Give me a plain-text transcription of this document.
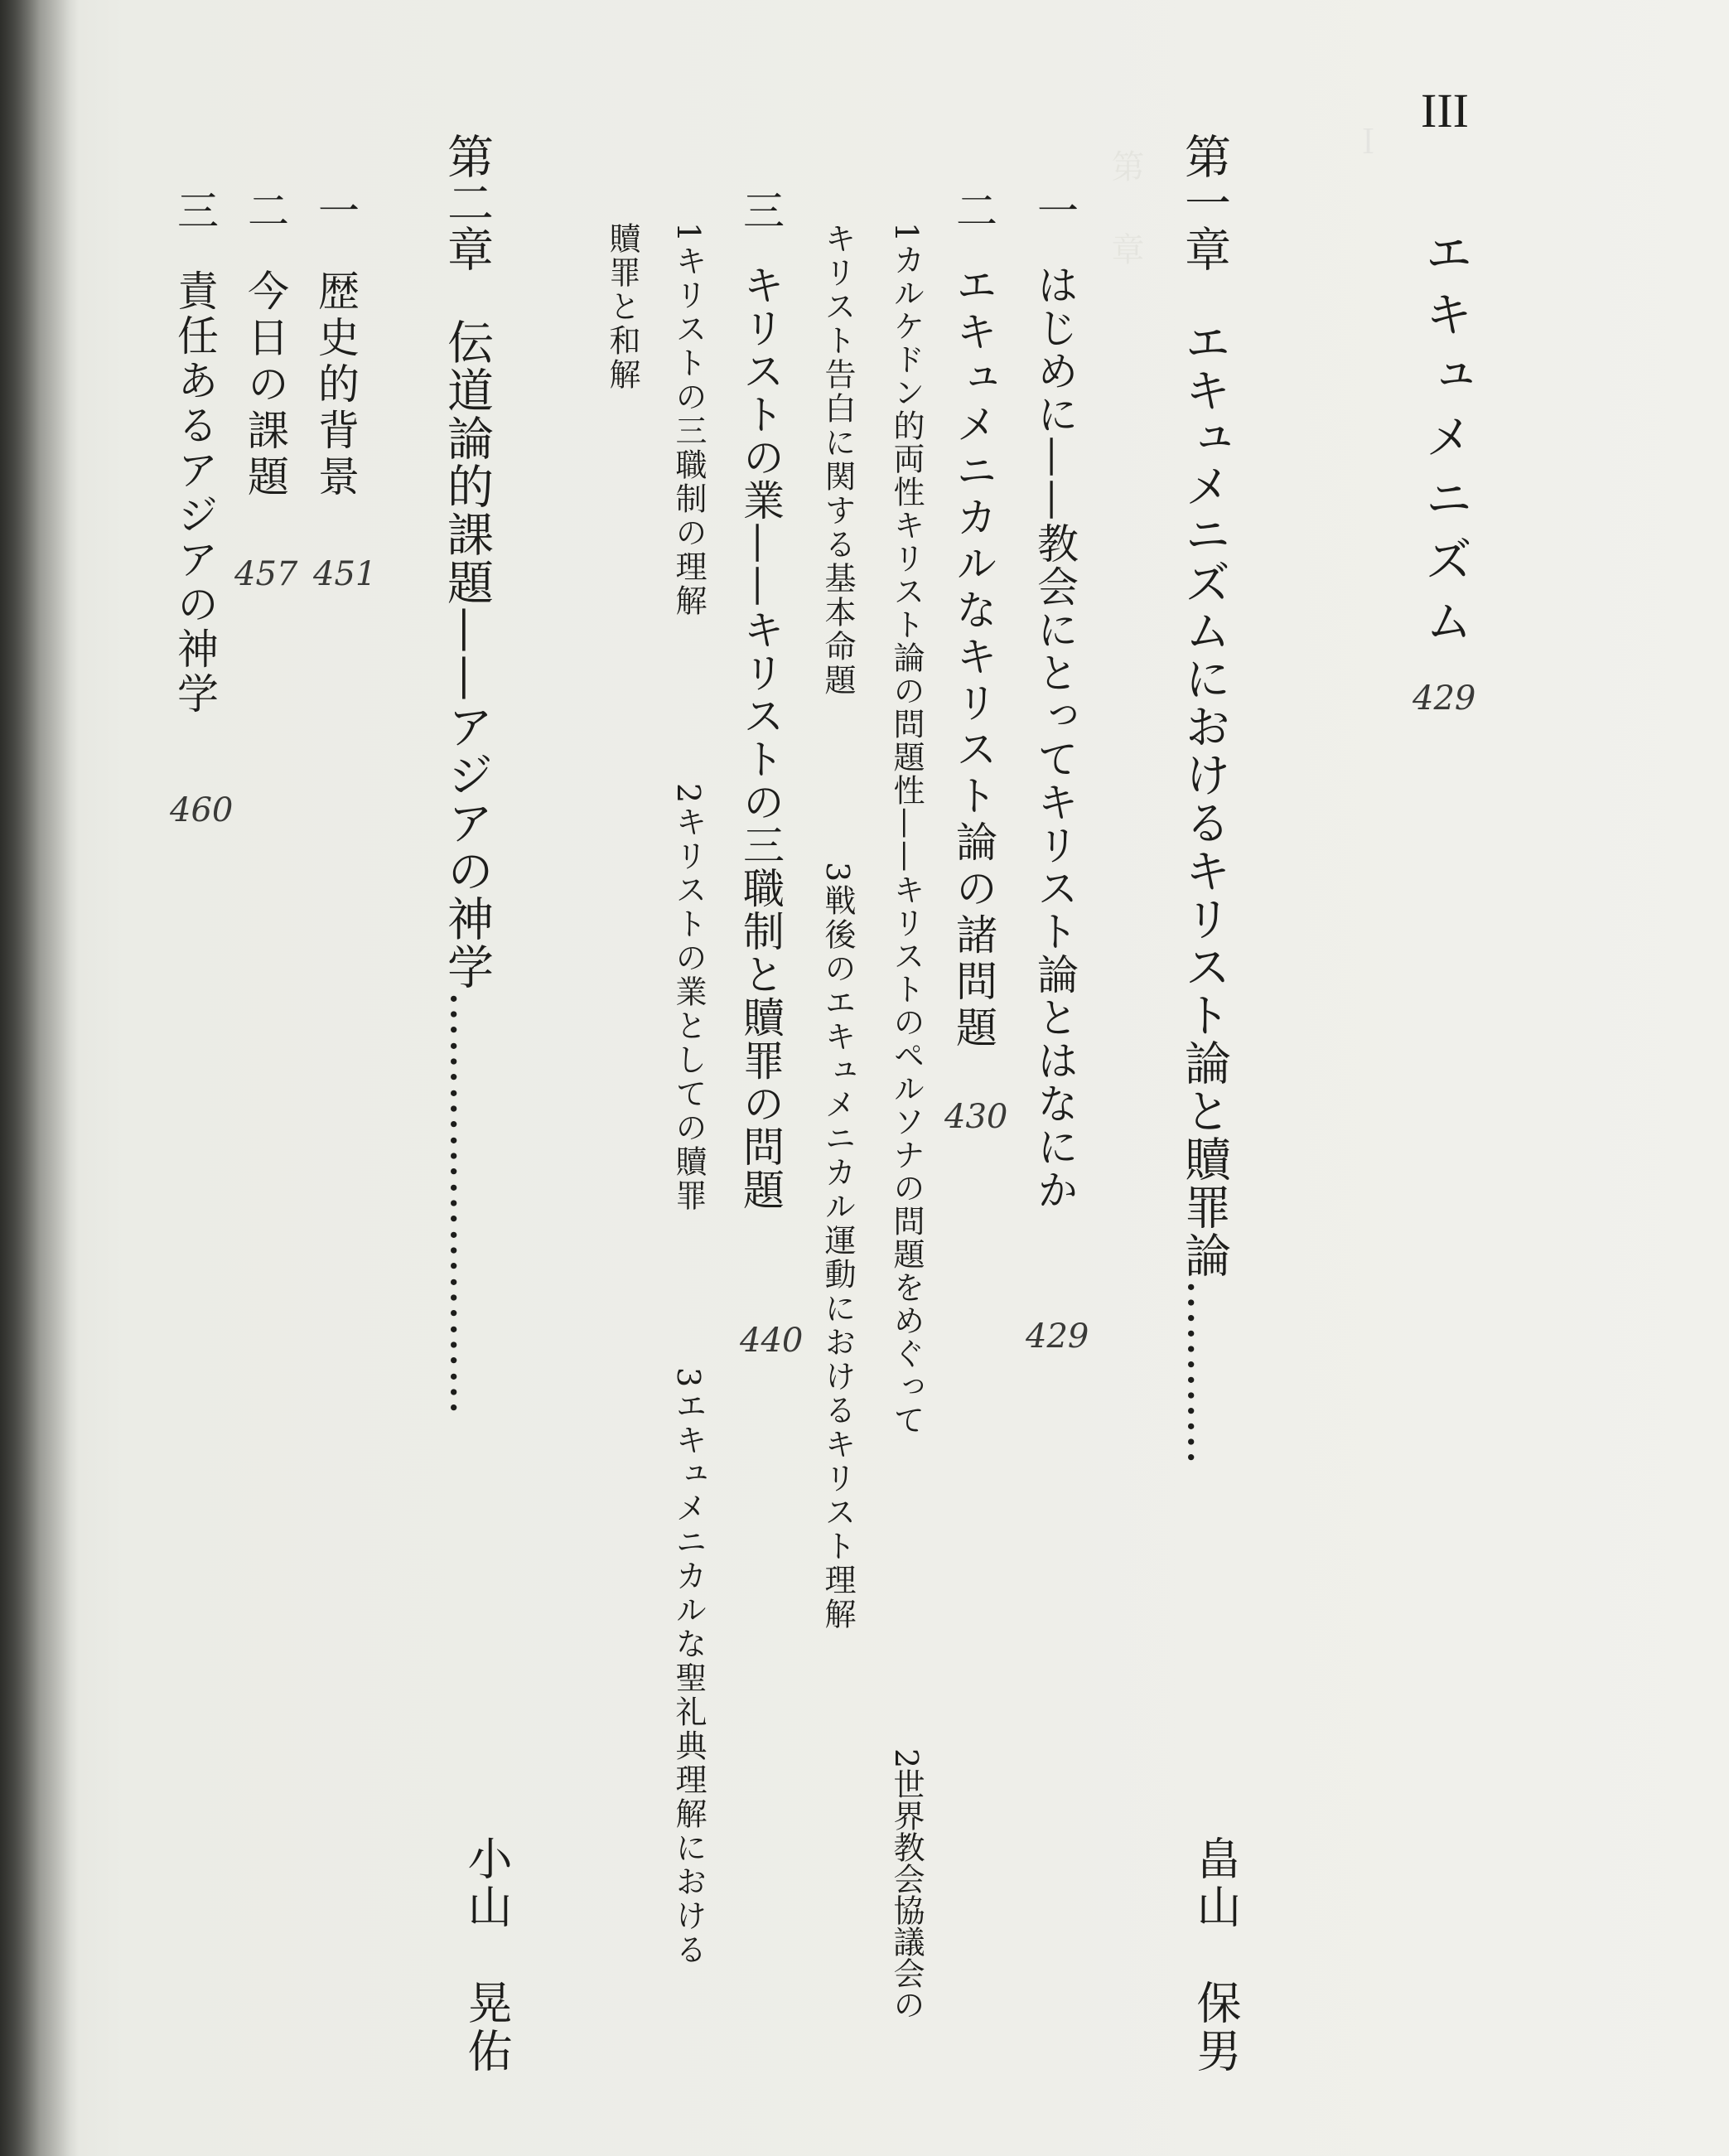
III
エキュメニズム
429
第一章　エキュメニズムにおけるキリスト論と贖罪論…………
畠山　保男
一
はじめに——教会にとってキリスト論とはなにか
429
二
エキュメニカルなキリスト論の諸問題
430
1カルケドン的両性キリスト論の問題性——キリストのペルソナの問題をめぐって
2世界教会協議会の
キリスト告白に関する基本命題
3戦後のエキュメニカル運動におけるキリスト理解
三
キリストの業——キリストの三職制と贖罪の問題
440
1キリストの三職制の理解
2キリストの業としての贖罪
3エキュメニカルな聖礼典理解における
贖罪と和解
第二章　伝道論的課題——アジアの神学………………………
小山　晃佑
一
歴史的背景
451
二
今日の課題
457
三
責任あるアジアの神学
460
